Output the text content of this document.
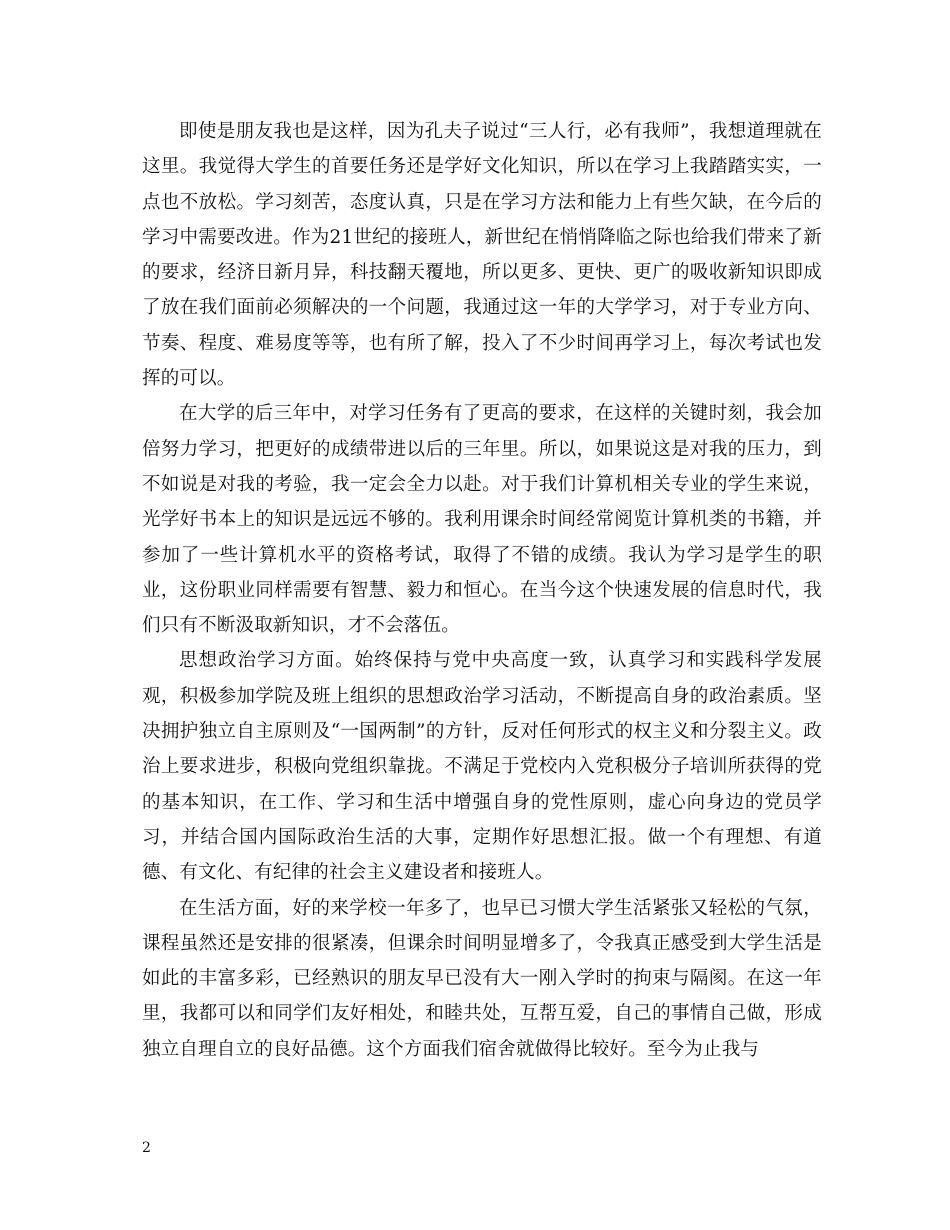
即使是朋友我也是这样，因为孔夫子说过“三人行，必有我师”，我想道理就在这里。我觉得大学生的首要任务还是学好文化知识，所以在学习上我踏踏实实，一点也不放松。学习刻苦，态度认真，只是在学习方法和能力上有些欠缺，在今后的学习中需要改进。作为21世纪的接班人，新世纪在悄悄降临之际也给我们带来了新的要求，经济日新月异，科技翻天覆地，所以更多、更快、更广的吸收新知识即成了放在我们面前必须解决的一个问题，我通过这一年的大学学习，对于专业方向、节奏、程度、难易度等等，也有所了解，投入了不少时间再学习上，每次考试也发挥的可以。

在大学的后三年中，对学习任务有了更高的要求，在这样的关键时刻，我会加倍努力学习，把更好的成绩带进以后的三年里。所以，如果说这是对我的压力，到不如说是对我的考验，我一定会全力以赴。对于我们计算机相关专业的学生来说，光学好书本上的知识是远远不够的。我利用课余时间经常阅览计算机类的书籍，并参加了一些计算机水平的资格考试，取得了不错的成绩。我认为学习是学生的职业，这份职业同样需要有智慧、毅力和恒心。在当今这个快速发展的信息时代，我们只有不断汲取新知识，才不会落伍。

思想政治学习方面。始终保持与党中央高度一致，认真学习和实践科学发展观，积极参加学院及班上组织的思想政治学习活动，不断提高自身的政治素质。坚决拥护独立自主原则及“一国两制”的方针，反对任何形式的权主义和分裂主义。政治上要求进步，积极向党组织靠拢。不满足于党校内入党积极分子培训所获得的党的基本知识，在工作、学习和生活中增强自身的党性原则，虚心向身边的党员学习，并结合国内国际政治生活的大事，定期作好思想汇报。做一个有理想、有道德、有文化、有纪律的社会主义建设者和接班人。

在生活方面，好的来学校一年多了，也早已习惯大学生活紧张又轻松的气氛，课程虽然还是安排的很紧凑，但课余时间明显增多了，令我真正感受到大学生活是如此的丰富多彩，已经熟识的朋友早已没有大一刚入学时的拘束与隔阂。在这一年里，我都可以和同学们友好相处，和睦共处，互帮互爱，自己的事情自己做，形成独立自理自立的良好品德。这个方面我们宿舍就做得比较好。至今为止我与

2
